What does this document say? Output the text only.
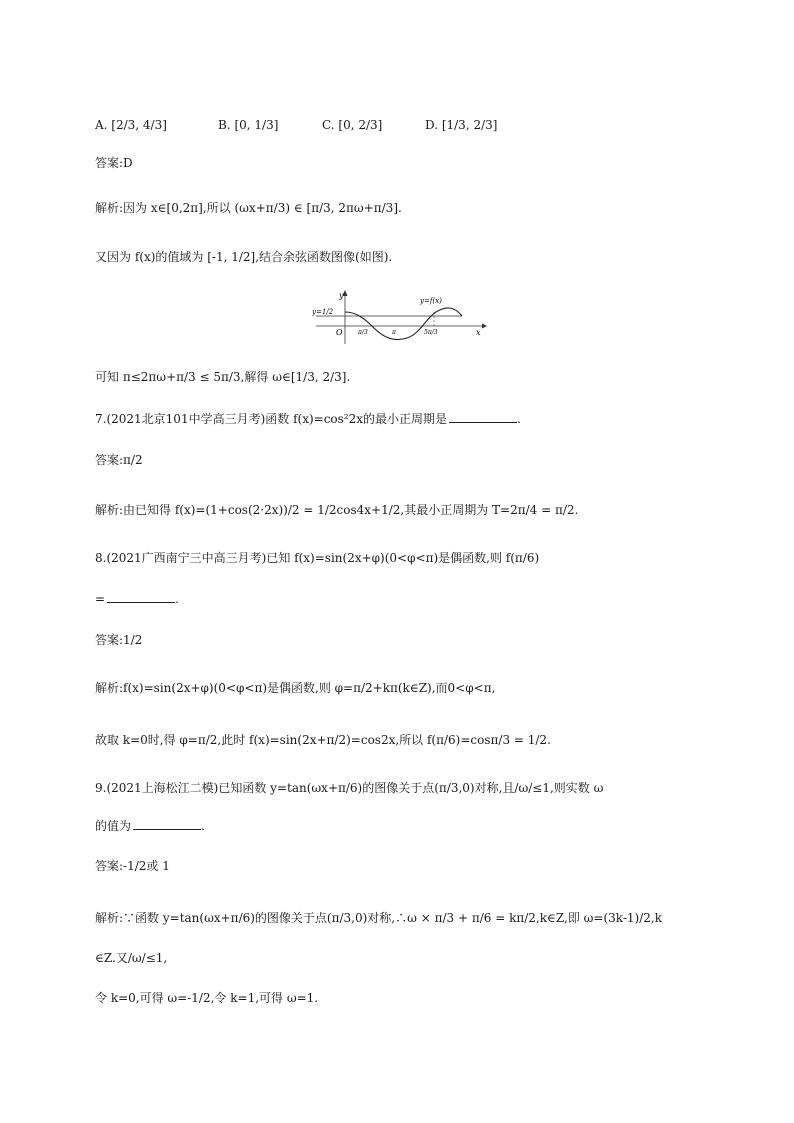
A. [2/3, 4/3]	B. [0, 1/3]	C. [0, 2/3]	D. [1/3, 2/3]
答案:D
解析:因为 x∈[0,2π],所以 (ωx+π/3) ∈ [π/3, 2πω+π/3].
又因为 f(x)的值域为 [-1, 1/2],结合余弦函数图像(如图).
y
x
O
y=1/2
y=f(x)
π/3	π	5π/3
可知 π≤2πω+π/3 ≤ 5π/3,解得 ω∈[1/3, 2/3].
7.(2021北京101中学高三月考)函数 f(x)=cos²2x的最小正周期是	.
答案:π/2
解析:由已知得 f(x)=(1+cos(2·2x))/2 = 1/2cos4x+1/2,其最小正周期为 T=2π/4 = π/2.
8.(2021广西南宁三中高三月考)已知 f(x)=sin(2x+φ)(0<φ<π)是偶函数,则 f(π/6)
=	.
答案:1/2
解析:f(x)=sin(2x+φ)(0<φ<π)是偶函数,则 φ=π/2+kπ(k∈Z),而0<φ<π,
故取 k=0时,得 φ=π/2,此时 f(x)=sin(2x+π/2)=cos2x,所以 f(π/6)=cosπ/3 = 1/2.
9.(2021上海松江二模)已知函数 y=tan(ωx+π/6)的图像关于点(π/3,0)对称,且/ω/≤1,则实数 ω
的值为	.
答案:-1/2或 1
解析:∵函数 y=tan(ωx+π/6)的图像关于点(π/3,0)对称,∴ω × π/3 + π/6 = kπ/2,k∈Z,即 ω=(3k-1)/2,k
∈Z.又/ω/≤1,
令 k=0,可得 ω=-1/2,令 k=1,可得 ω=1.
